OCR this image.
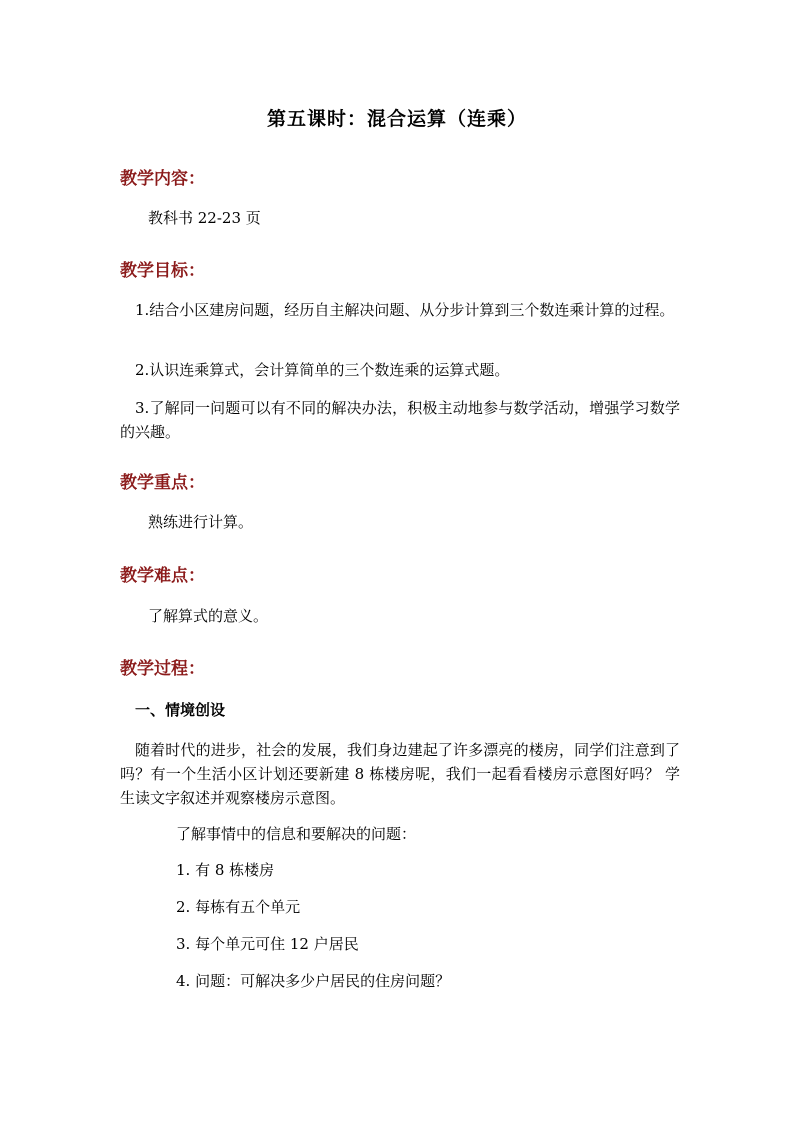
第五课时：混合运算（连乘）
教学内容：
教科书 22-23 页
教学目标：
1.结合小区建房问题，经历自主解决问题、从分步计算到三个数连乘计算的过程。
2.认识连乘算式，会计算简单的三个数连乘的运算式题。
3.了解同一问题可以有不同的解决办法，积极主动地参与数学活动，增强学习数学的兴趣。
教学重点：
熟练进行计算。
教学难点：
了解算式的意义。
教学过程：
一、情境创设
随着时代的进步，社会的发展，我们身边建起了许多漂亮的楼房，同学们注意到了吗？有一个生活小区计划还要新建 8 栋楼房呢，我们一起看看楼房示意图好吗？ 学生读文字叙述并观察楼房示意图。
了解事情中的信息和要解决的问题：
1. 有 8 栋楼房
2. 每栋有五个单元
3. 每个单元可住 12 户居民
4. 问题：可解决多少户居民的住房问题？
